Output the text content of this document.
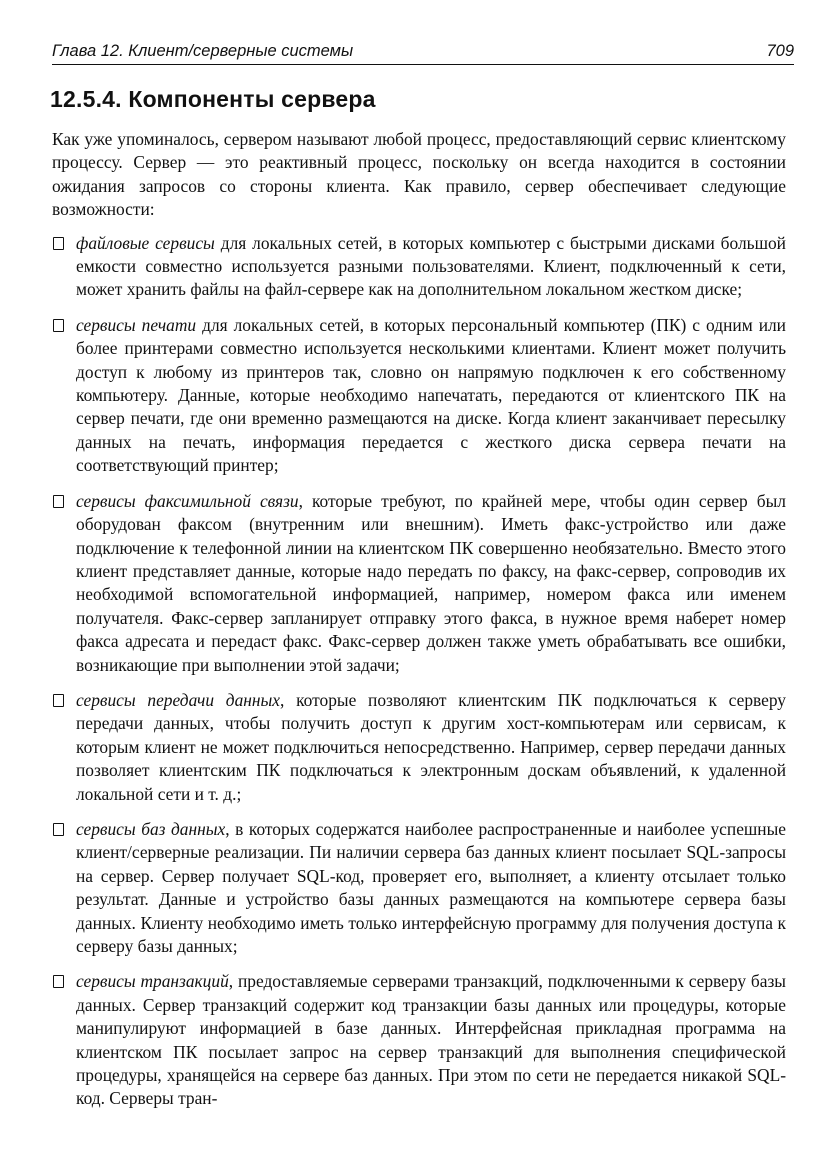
Глава 12. Клиент/серверные системы	709
12.5.4. Компоненты сервера

Как уже упоминалось, сервером называют любой процесс, предоставляющий сервис клиентскому процессу. Сервер — это реактивный процесс, поскольку он всегда находится в состоянии ожидания запросов со стороны клиента. Как правило, сервер обеспечивает следующие возможности:

файловые сервисы для локальных сетей, в которых компьютер с быстрыми дисками большой емкости совместно используется разными пользователями. Клиент, подключенный к сети, может хранить файлы на файл-сервере как на дополнительном локальном жестком диске;
сервисы печати для локальных сетей, в которых персональный компьютер (ПК) с одним или более принтерами совместно используется несколькими клиентами. Клиент может получить доступ к любому из принтеров так, словно он напрямую подключен к его собственному компьютеру. Данные, которые необходимо напечатать, передаются от клиентского ПК на сервер печати, где они временно размещаются на диске. Когда клиент заканчивает пересылку данных на печать, информация передается с жесткого диска сервера печати на соответствующий принтер;
сервисы факсимильной связи, которые требуют, по крайней мере, чтобы один сервер был оборудован факсом (внутренним или внешним). Иметь факс-устройство или даже подключение к телефонной линии на клиентском ПК совершенно необязательно. Вместо этого клиент представляет данные, которые надо передать по факсу, на факс-сервер, сопроводив их необходимой вспомогательной информацией, например, номером факса или именем получателя. Факс-сервер запланирует отправку этого факса, в нужное время наберет номер факса адресата и передаст факс. Факс-сервер должен также уметь обрабатывать все ошибки, возникающие при выполнении этой задачи;
сервисы передачи данных, которые позволяют клиентским ПК подключаться к серверу передачи данных, чтобы получить доступ к другим хост-компьютерам или сервисам, к которым клиент не может подключиться непосредственно. Например, сервер передачи данных позволяет клиентским ПК подключаться к электронным доскам объявлений, к удаленной локальной сети и т. д.;
сервисы баз данных, в которых содержатся наиболее распространенные и наиболее успешные клиент/серверные реализации. Пи наличии сервера баз данных клиент посылает SQL-запросы на сервер. Сервер получает SQL-код, проверяет его, выполняет, а клиенту отсылает только результат. Данные и устройство базы данных размещаются на компьютере сервера базы данных. Клиенту необходимо иметь только интерфейсную программу для получения доступа к серверу базы данных;
сервисы транзакций, предоставляемые серверами транзакций, подключенными к серверу базы данных. Сервер транзакций содержит код транзакции базы данных или процедуры, которые манипулируют информацией в базе данных. Интерфейсная прикладная программа на клиентском ПК посылает запрос на сервер транзакций для выполнения специфической процедуры, хранящейся на сервере баз данных. При этом по сети не передается никакой SQL-код. Серверы тран-
